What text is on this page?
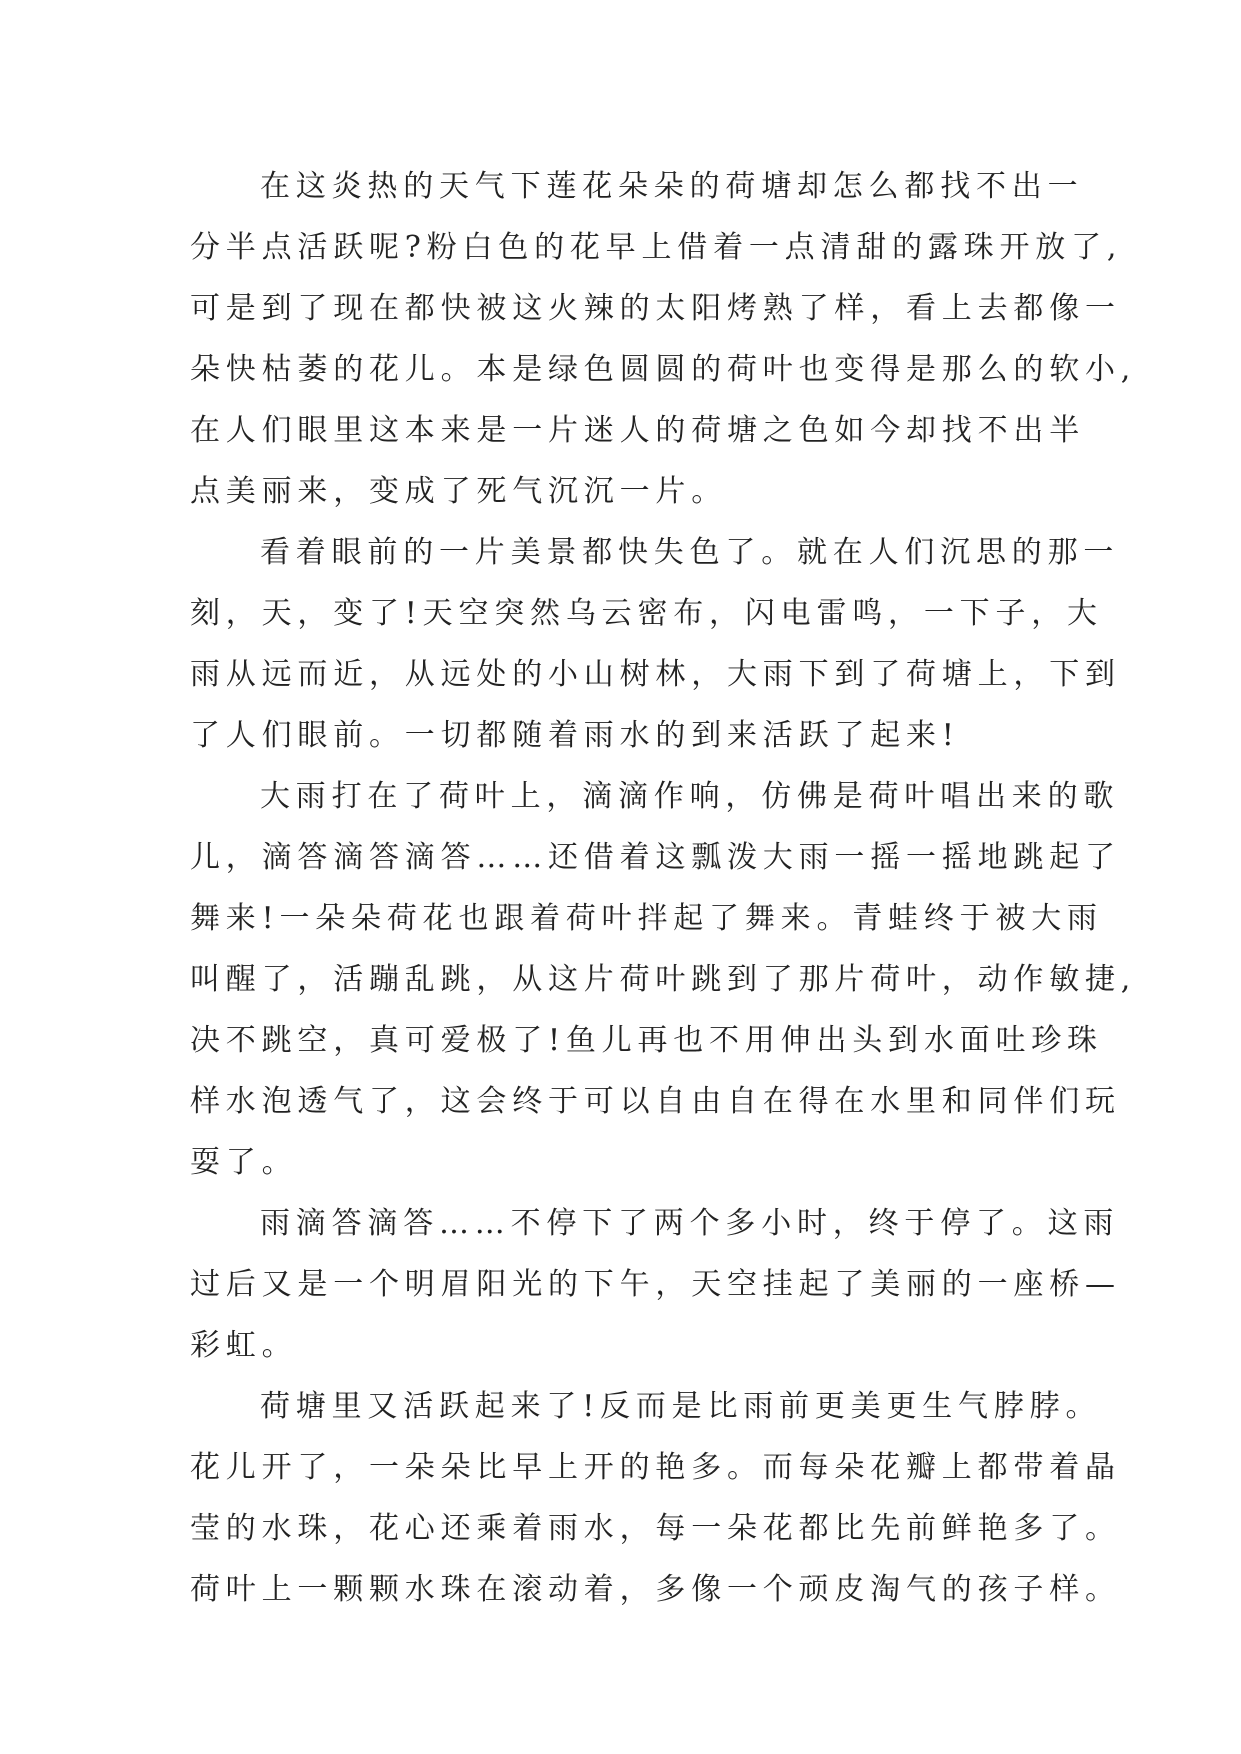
在这炎热的天气下莲花朵朵的荷塘却怎么都找不出一
分半点活跃呢?粉白色的花早上借着一点清甜的露珠开放了,
可是到了现在都快被这火辣的太阳烤熟了样，看上去都像一
朵快枯萎的花儿。本是绿色圆圆的荷叶也变得是那么的软小,
在人们眼里这本来是一片迷人的荷塘之色如今却找不出半
点美丽来，变成了死气沉沉一片。
看着眼前的一片美景都快失色了。就在人们沉思的那一
刻，天，变了!天空突然乌云密布，闪电雷鸣，一下子，大
雨从远而近，从远处的小山树林，大雨下到了荷塘上，下到
了人们眼前。一切都随着雨水的到来活跃了起来!
大雨打在了荷叶上，滴滴作响，仿佛是荷叶唱出来的歌
儿，滴答滴答滴答……还借着这瓢泼大雨一摇一摇地跳起了
舞来!一朵朵荷花也跟着荷叶拌起了舞来。青蛙终于被大雨
叫醒了，活蹦乱跳，从这片荷叶跳到了那片荷叶，动作敏捷,
决不跳空，真可爱极了!鱼儿再也不用伸出头到水面吐珍珠
样水泡透气了，这会终于可以自由自在得在水里和同伴们玩
耍了。
雨滴答滴答……不停下了两个多小时，终于停了。这雨
过后又是一个明眉阳光的下午，天空挂起了美丽的一座桥—
彩虹。
荷塘里又活跃起来了!反而是比雨前更美更生气脖脖。
花儿开了，一朵朵比早上开的艳多。而每朵花瓣上都带着晶
莹的水珠，花心还乘着雨水，每一朵花都比先前鲜艳多了。
荷叶上一颗颗水珠在滚动着，多像一个顽皮淘气的孩子样。
